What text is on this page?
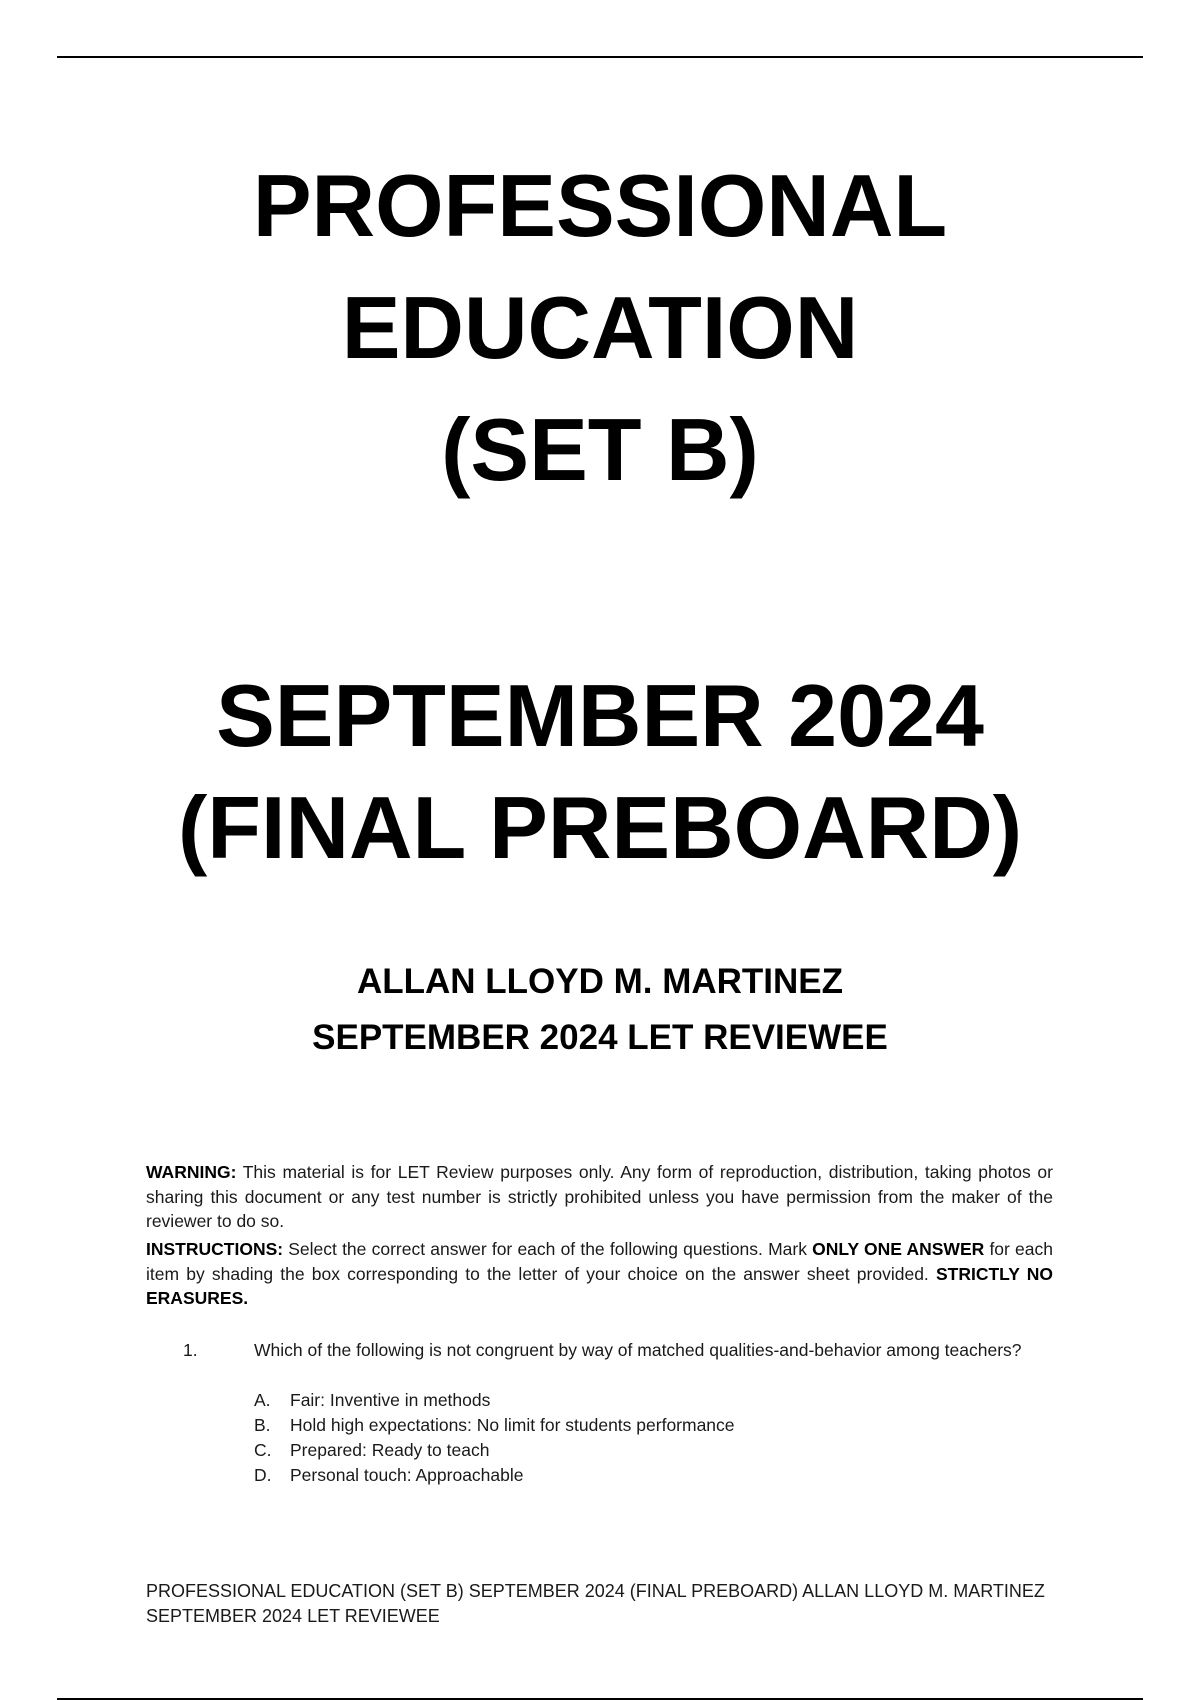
PROFESSIONAL
EDUCATION
(SET B)
SEPTEMBER 2024
(FINAL PREBOARD)
ALLAN LLOYD M. MARTINEZ
SEPTEMBER 2024 LET REVIEWEE
WARNING: This material is for LET Review purposes only. Any form of reproduction, distribution, taking photos or sharing this document or any test number is strictly prohibited unless you have permission from the maker of the reviewer to do so.
INSTRUCTIONS: Select the correct answer for each of the following questions. Mark ONLY ONE ANSWER for each item by shading the box corresponding to the letter of your choice on the answer sheet provided. STRICTLY NO ERASURES.
1.	Which of the following is not congruent by way of matched qualities-and-behavior among teachers?
A. Fair: Inventive in methods
B. Hold high expectations: No limit for students performance
C. Prepared: Ready to teach
D. Personal touch: Approachable
PROFESSIONAL EDUCATION (SET B) SEPTEMBER 2024 (FINAL PREBOARD) ALLAN LLOYD M. MARTINEZ SEPTEMBER 2024 LET REVIEWEE
